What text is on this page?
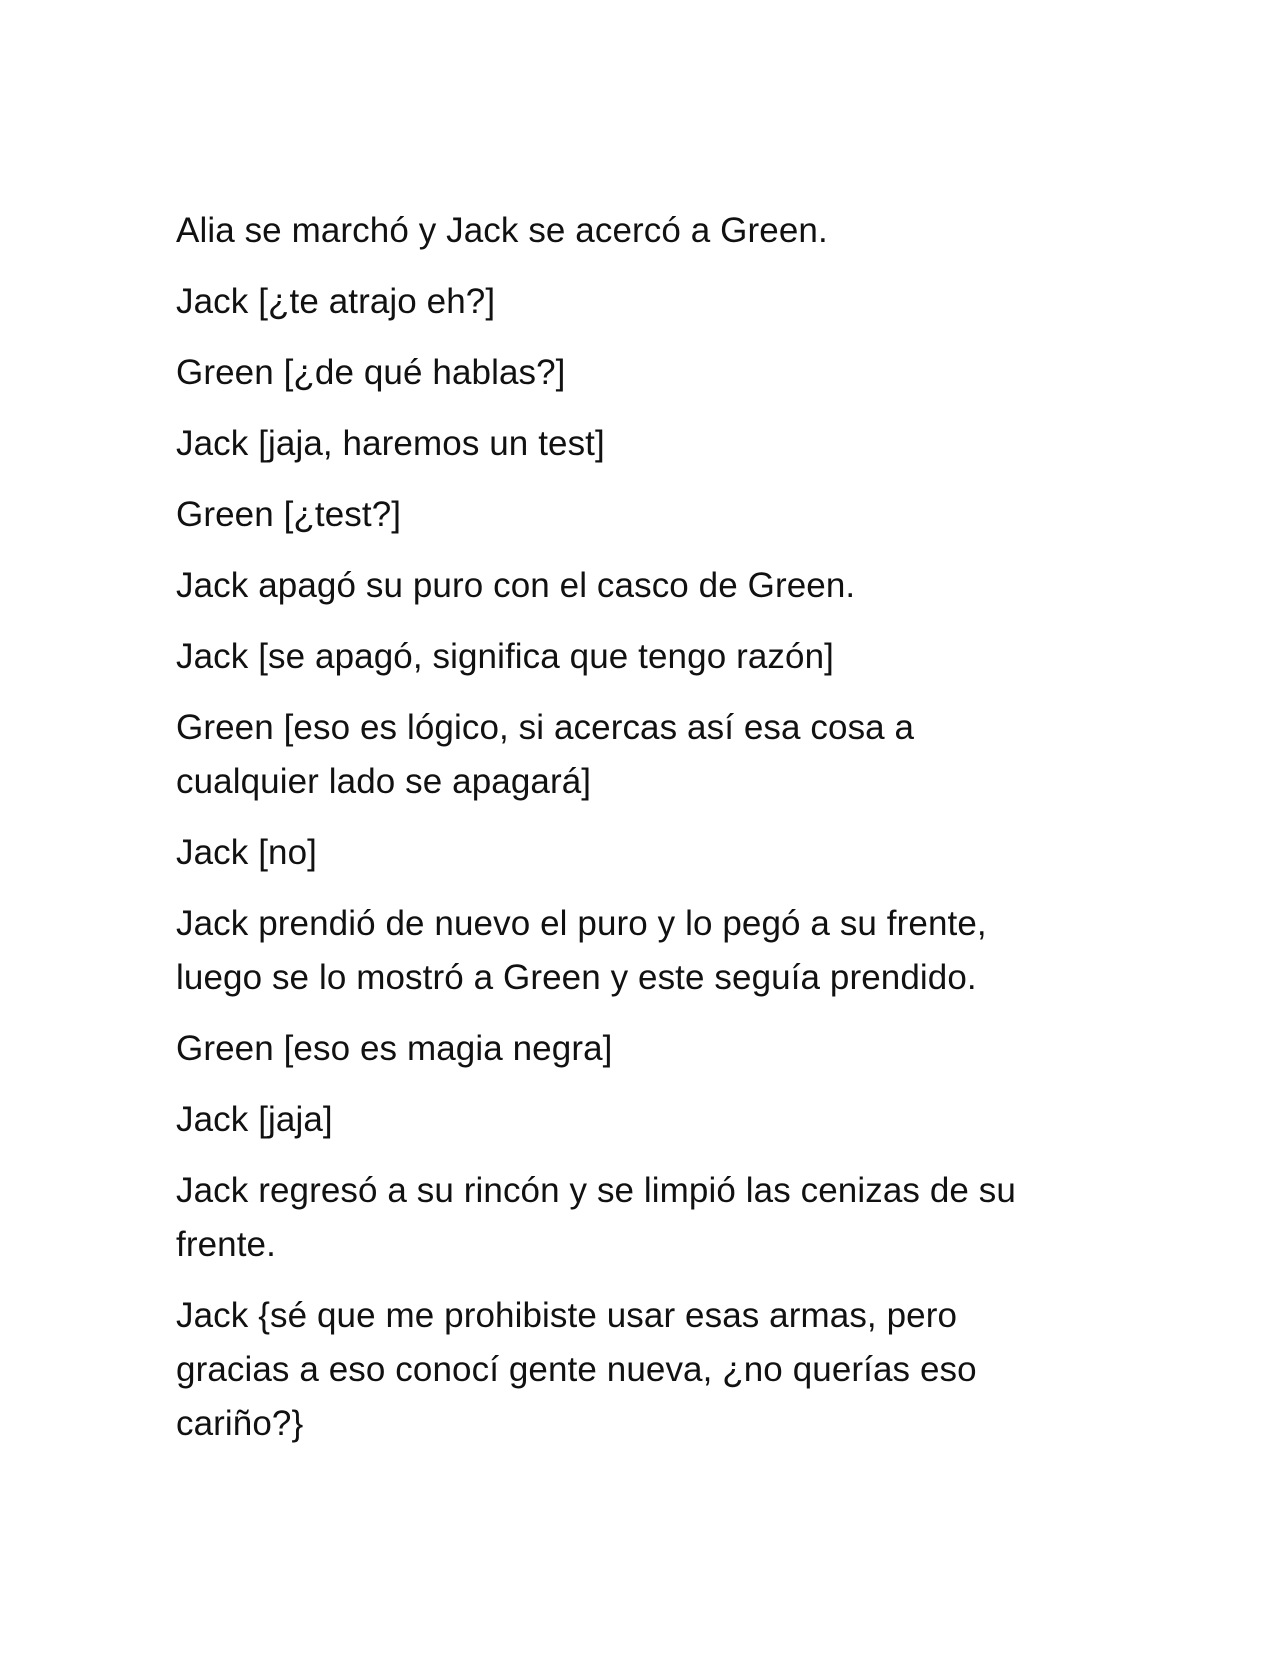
Alia se marchó y Jack se acercó a Green.

Jack [¿te atrajo eh?]

Green [¿de qué hablas?]

Jack [jaja, haremos un test]

Green [¿test?]

Jack apagó su puro con el casco de Green.

Jack [se apagó, significa que tengo razón]

Green [eso es lógico, si acercas así esa cosa a
cualquier lado se apagará]

Jack [no]

Jack prendió de nuevo el puro y lo pegó a su frente,
luego se lo mostró a Green y este seguía prendido.

Green [eso es magia negra]

Jack [jaja]

Jack regresó a su rincón y se limpió las cenizas de su
frente.

Jack {sé que me prohibiste usar esas armas, pero
gracias a eso conocí gente nueva, ¿no querías eso
cariño?}
